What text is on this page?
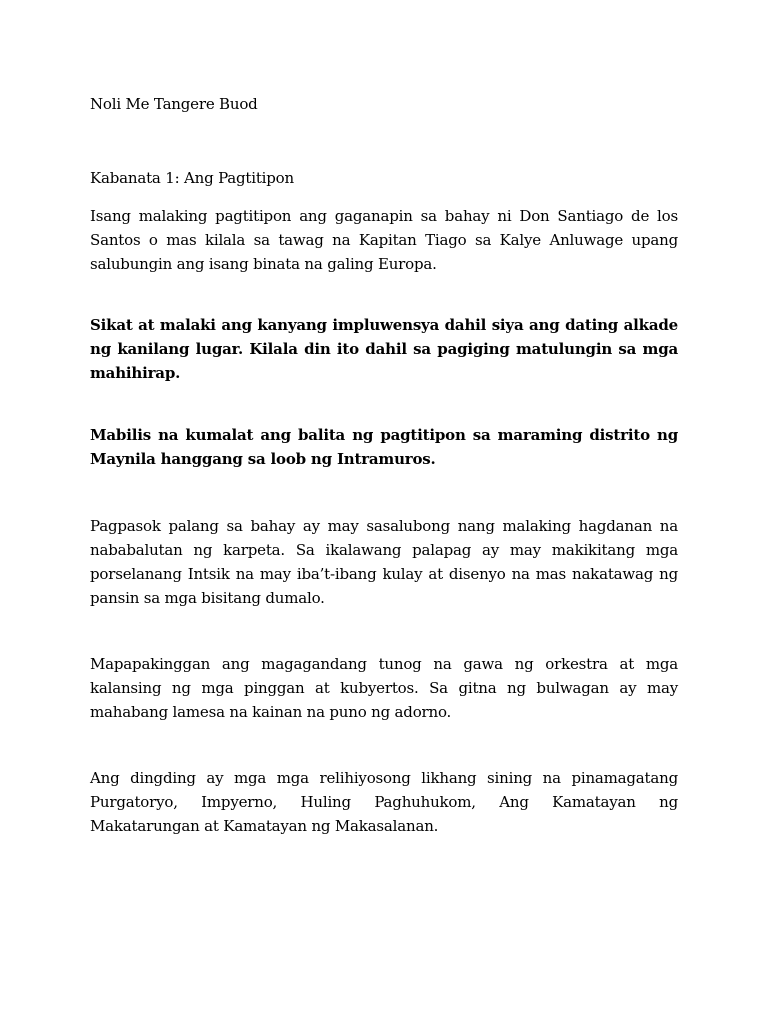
Noli Me Tangere Buod

Kabanata 1: Ang Pagtitipon

Isang malaking pagtitipon ang gaganapin sa bahay ni Don Santiago de los Santos o mas kilala sa tawag na Kapitan Tiago sa Kalye Anluwage upang salubungin ang isang binata na galing Europa.

Sikat at malaki ang kanyang impluwensya dahil siya ang dating alkade ng kanilang lugar. Kilala din ito dahil sa pagiging matulungin sa mga mahihirap.

Mabilis na kumalat ang balita ng pagtitipon sa maraming distrito ng Maynila hanggang sa loob ng Intramuros.

Pagpasok palang sa bahay ay may sasalubong nang malaking hagdanan na nababalutan ng karpeta. Sa ikalawang palapag ay may makikitang mga porselanang Intsik na may iba’t-ibang kulay at disenyo na mas nakatawag ng pansin sa mga bisitang dumalo.

Mapapakinggan ang magagandang tunog na gawa ng orkestra at mga kalansing ng mga pinggan at kubyertos. Sa gitna ng bulwagan ay may mahabang lamesa na kainan na puno ng adorno.

Ang dingding ay mga mga relihiyosong likhang sining na pinamagatang Purgatoryo, Impyerno, Huling Paghuhukom, Ang Kamatayan ng Makatarungan at Kamatayan ng Makasalanan.
